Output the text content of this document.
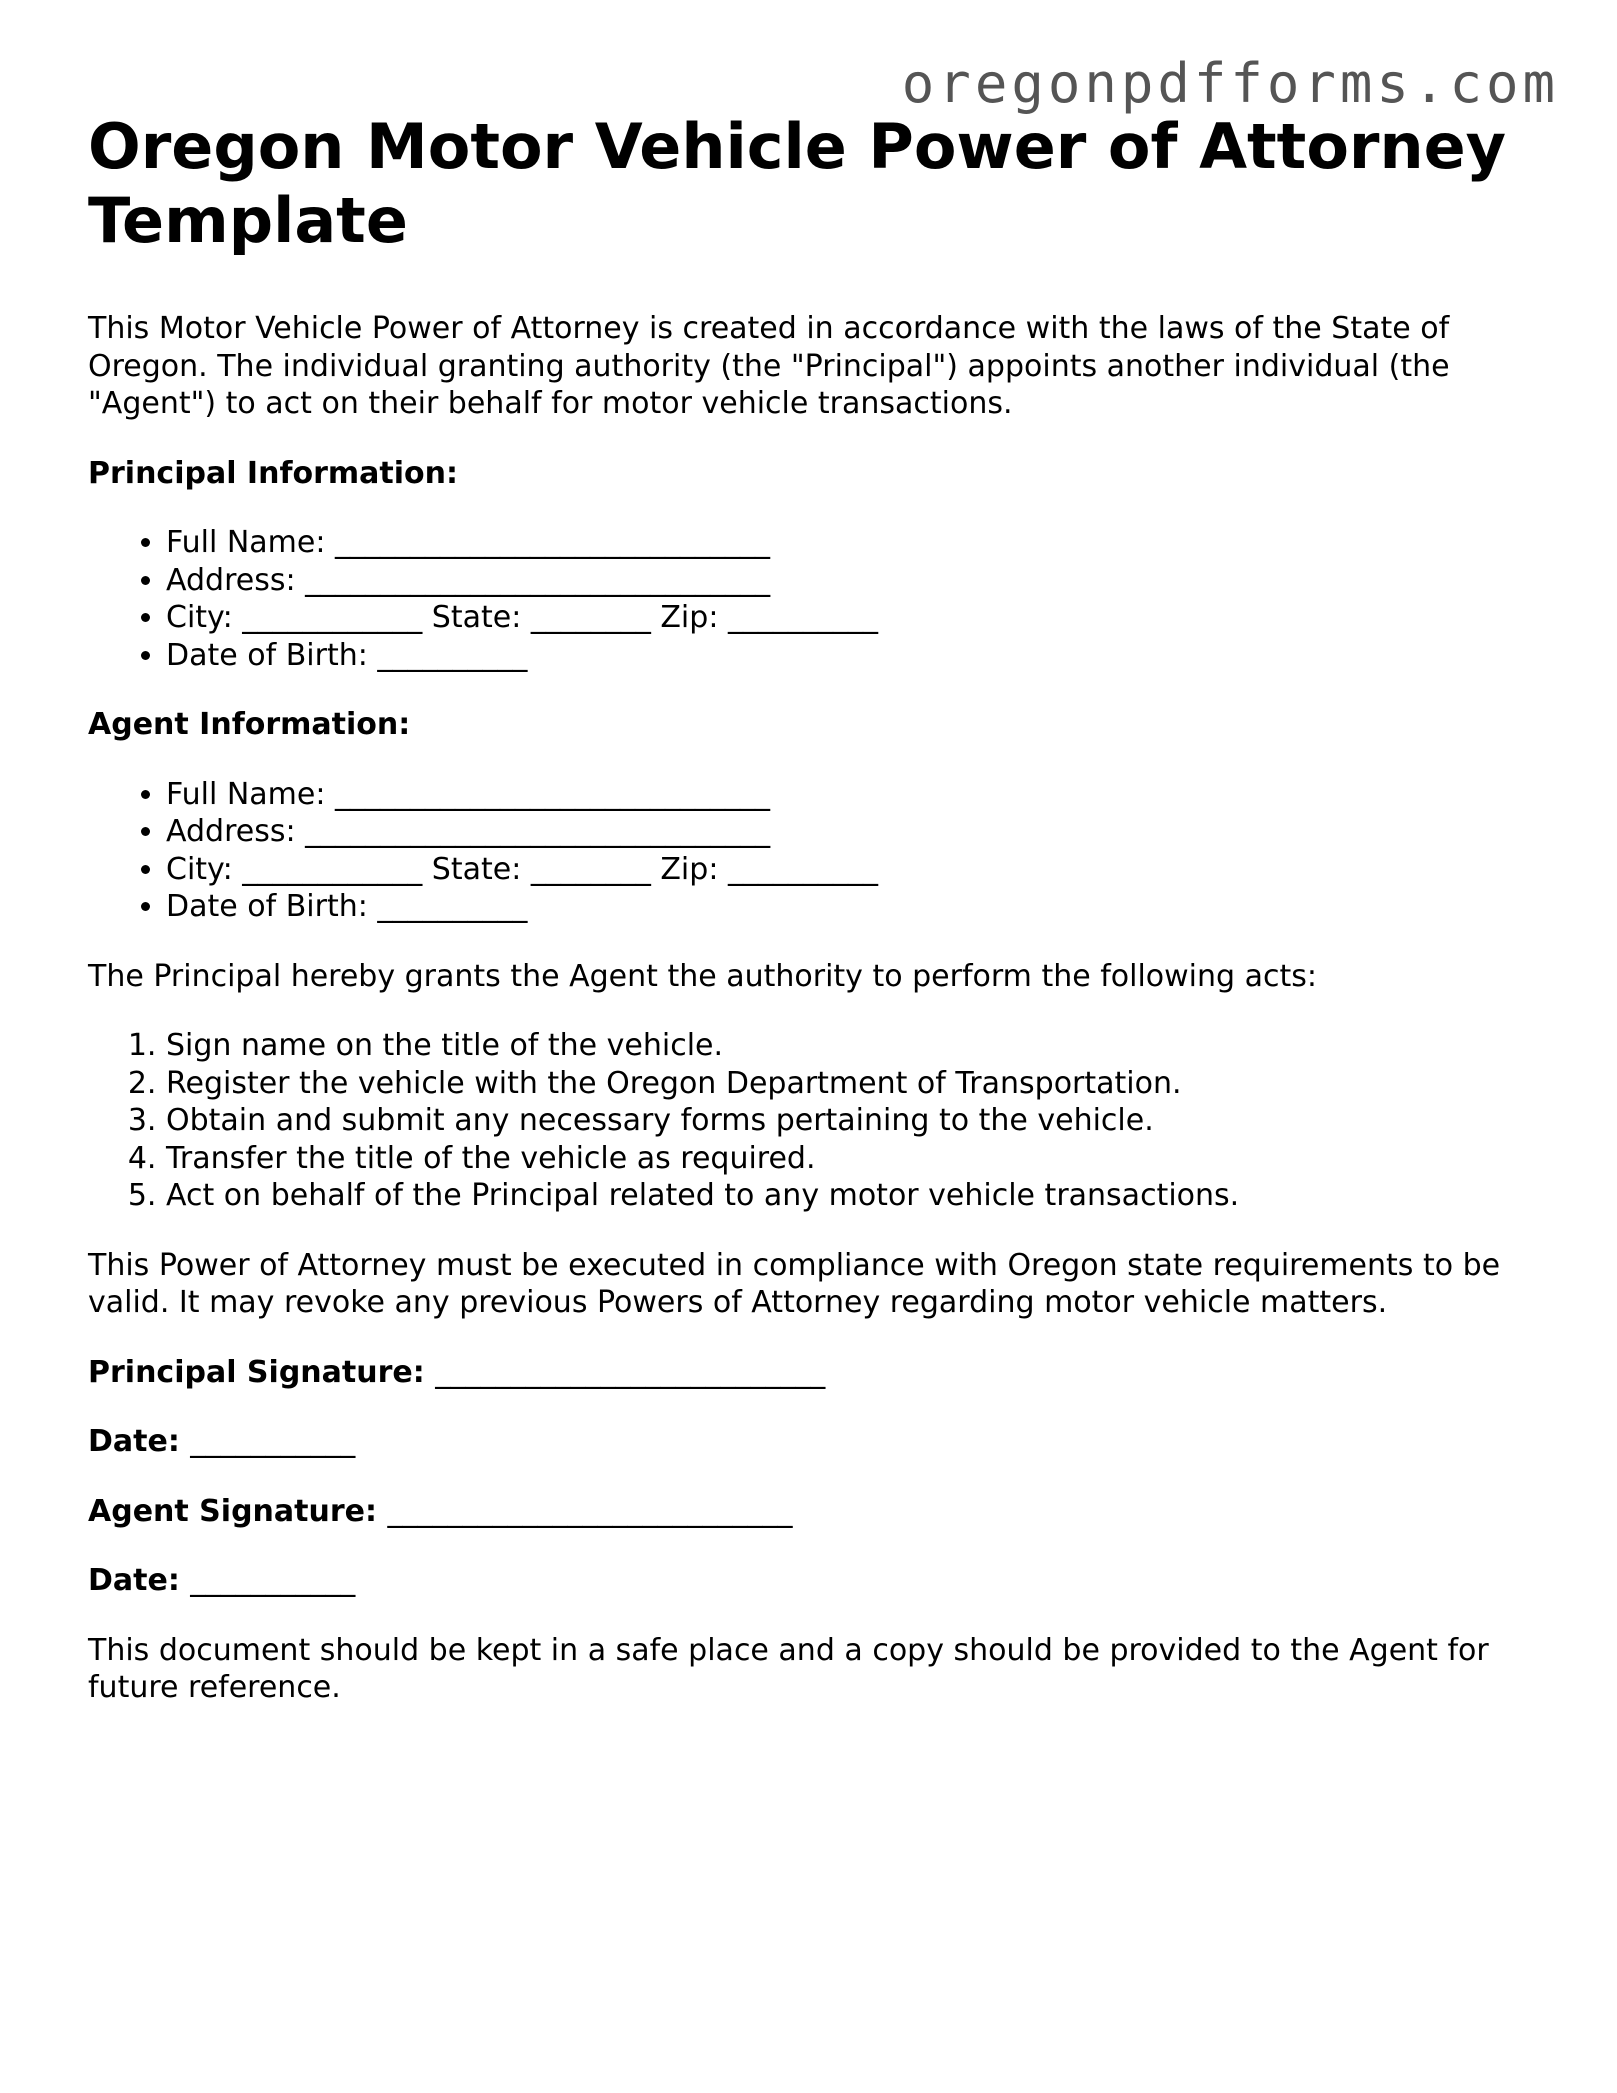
oregonpdfforms.com
Oregon Motor Vehicle Power of Attorney Template

This Motor Vehicle Power of Attorney is created in accordance with the laws of the State of Oregon. The individual granting authority (the "Principal") appoints another individual (the "Agent") to act on their behalf for motor vehicle transactions.

Principal Information:

• Full Name: _____________________________
• Address: _______________________________
• City: ____________ State: ________ Zip: __________
• Date of Birth: __________

Agent Information:

• Full Name: _____________________________
• Address: _______________________________
• City: ____________ State: ________ Zip: __________
• Date of Birth: __________

The Principal hereby grants the Agent the authority to perform the following acts:

1. Sign name on the title of the vehicle.
2. Register the vehicle with the Oregon Department of Transportation.
3. Obtain and submit any necessary forms pertaining to the vehicle.
4. Transfer the title of the vehicle as required.
5. Act on behalf of the Principal related to any motor vehicle transactions.

This Power of Attorney must be executed in compliance with Oregon state requirements to be valid. It may revoke any previous Powers of Attorney regarding motor vehicle matters.

Principal Signature: __________________________

Date: ___________

Agent Signature: ___________________________

Date: ___________

This document should be kept in a safe place and a copy should be provided to the Agent for future reference.
